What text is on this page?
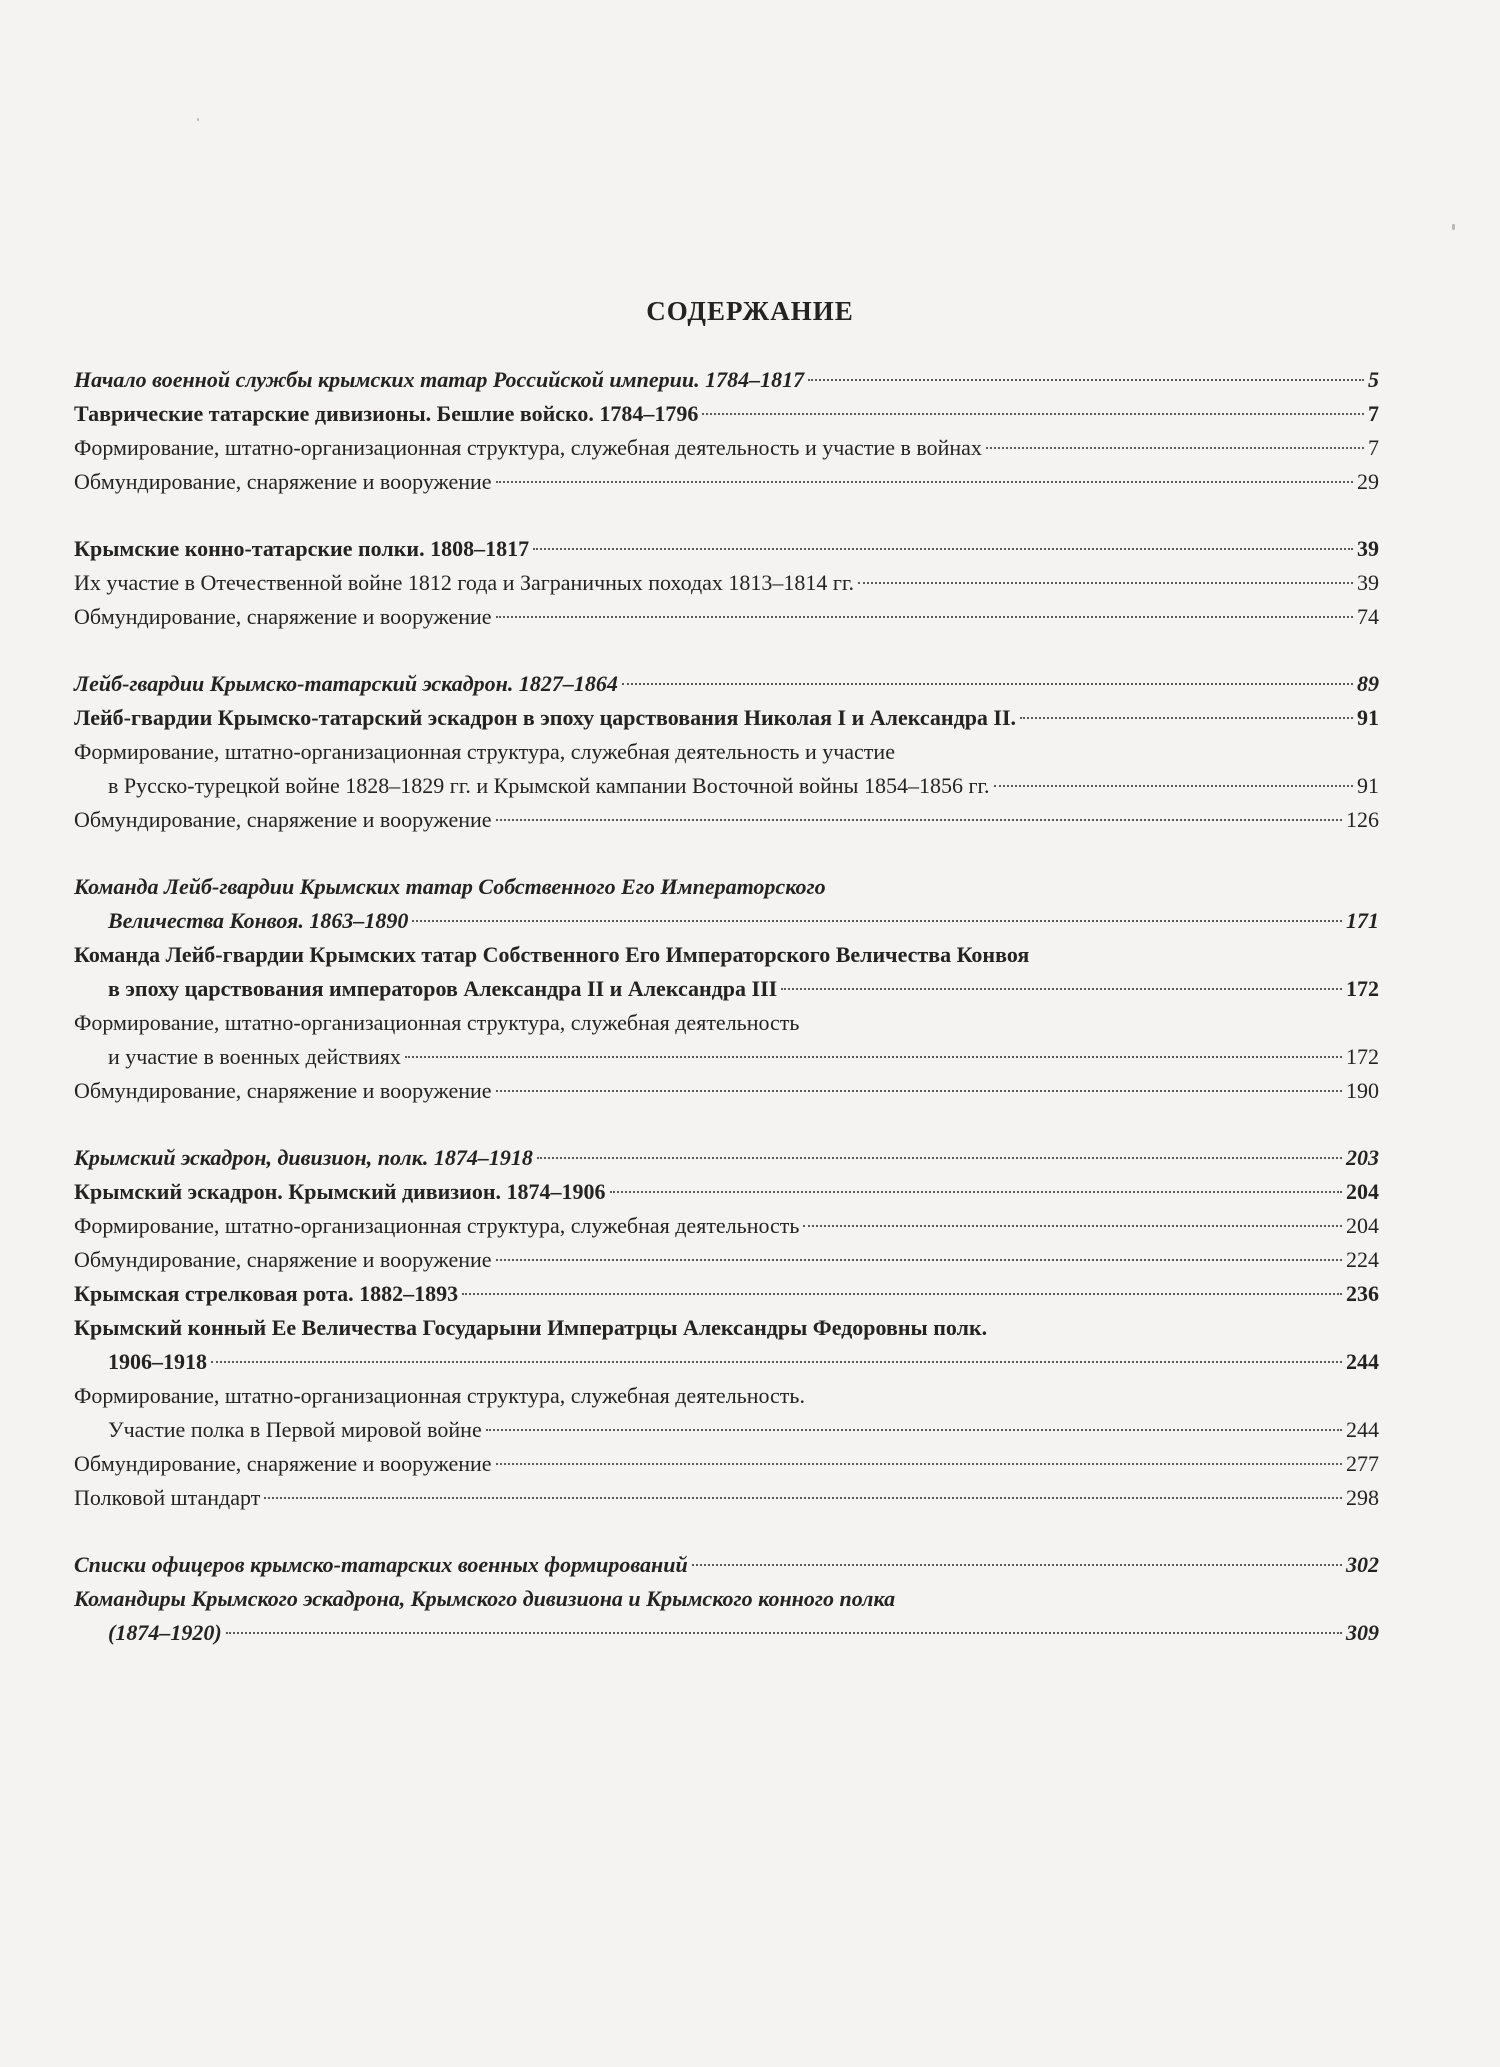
СОДЕРЖАНИЕ
Начало военной службы крымских татар Российской империи. 1784–1817	5
Таврические татарские дивизионы. Бешлие войско. 1784–1796	7
Формирование, штатно-организационная структура, служебная деятельность и участие в войнах	7
Обмундирование, снаряжение и вооружение	29
Крымские конно-татарские полки. 1808–1817	39
Их участие в Отечественной войне 1812 года и Заграничных походах 1813–1814 гг.	39
Обмундирование, снаряжение и вооружение	74
Лейб-гвардии Крымско-татарский эскадрон. 1827–1864	89
Лейб-гвардии Крымско-татарский эскадрон в эпоху царствования Николая I и Александра II.	91
Формирование, штатно-организационная структура, служебная деятельность и участие
в Русско-турецкой войне 1828–1829 гг. и Крымской кампании Восточной войны 1854–1856 гг.	91
Обмундирование, снаряжение и вооружение	126
Команда Лейб-гвардии Крымских татар Собственного Его Императорского
Величества Конвоя. 1863–1890	171
Команда Лейб-гвардии Крымских татар Собственного Его Императорского Величества Конвоя
в эпоху царствования императоров Александра II и Александра III	172
Формирование, штатно-организационная структура, служебная деятельность
и участие в военных действиях	172
Обмундирование, снаряжение и вооружение	190
Крымский эскадрон, дивизион, полк. 1874–1918	203
Крымский эскадрон. Крымский дивизион. 1874–1906	204
Формирование, штатно-организационная структура, служебная деятельность	204
Обмундирование, снаряжение и вооружение	224
Крымская стрелковая рота. 1882–1893	236
Крымский конный Ее Величества Государыни Императрцы Александры Федоровны полк.
1906–1918	244
Формирование, штатно-организационная структура, служебная деятельность.
Участие полка в Первой мировой войне	244
Обмундирование, снаряжение и вооружение	277
Полковой штандарт	298
Списки офицеров крымско-татарских военных формирований	302
Командиры Крымского эскадрона, Крымского дивизиона и Крымского конного полка
(1874–1920)	309
